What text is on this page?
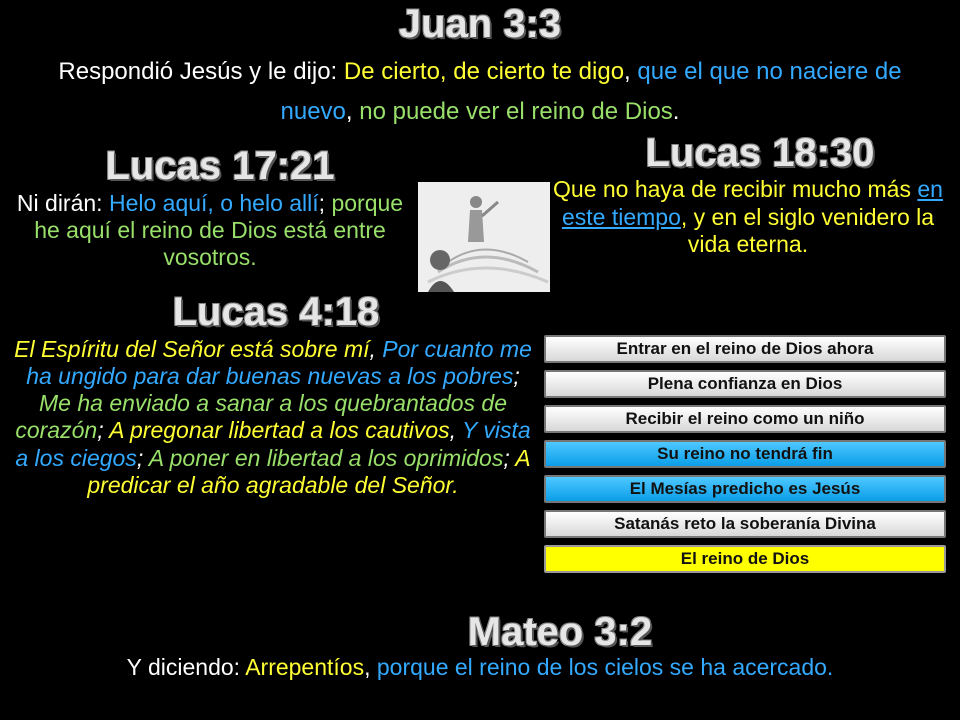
Juan 3:3
Respondió Jesús y le dijo: De cierto, de cierto te digo, que el que no naciere de nuevo, no puede ver el reino de Dios.
Lucas 17:21
Ni dirán: Helo aquí, o helo allí; porque he aquí el reino de Dios está entre vosotros.
Lucas 18:30
Que no haya de recibir mucho más en este tiempo, y en el siglo venidero la vida eterna.
Lucas 4:18
El Espíritu del Señor está sobre mí, Por cuanto me ha ungido para dar buenas nuevas a los pobres; Me ha enviado a sanar a los quebrantados de corazón; A pregonar libertad a los cautivos, Y vista a los ciegos; A poner en libertad a los oprimidos; A predicar el año agradable del Señor.
Entrar en el reino de Dios ahora
Plena confianza en Dios
Recibir el reino como un niño
Su reino no tendrá fin
El Mesías predicho es Jesús
Satanás reto la soberanía Divina
El reino de Dios
Mateo 3:2
Y diciendo: Arrepentíos, porque el reino de los cielos se ha acercado.
